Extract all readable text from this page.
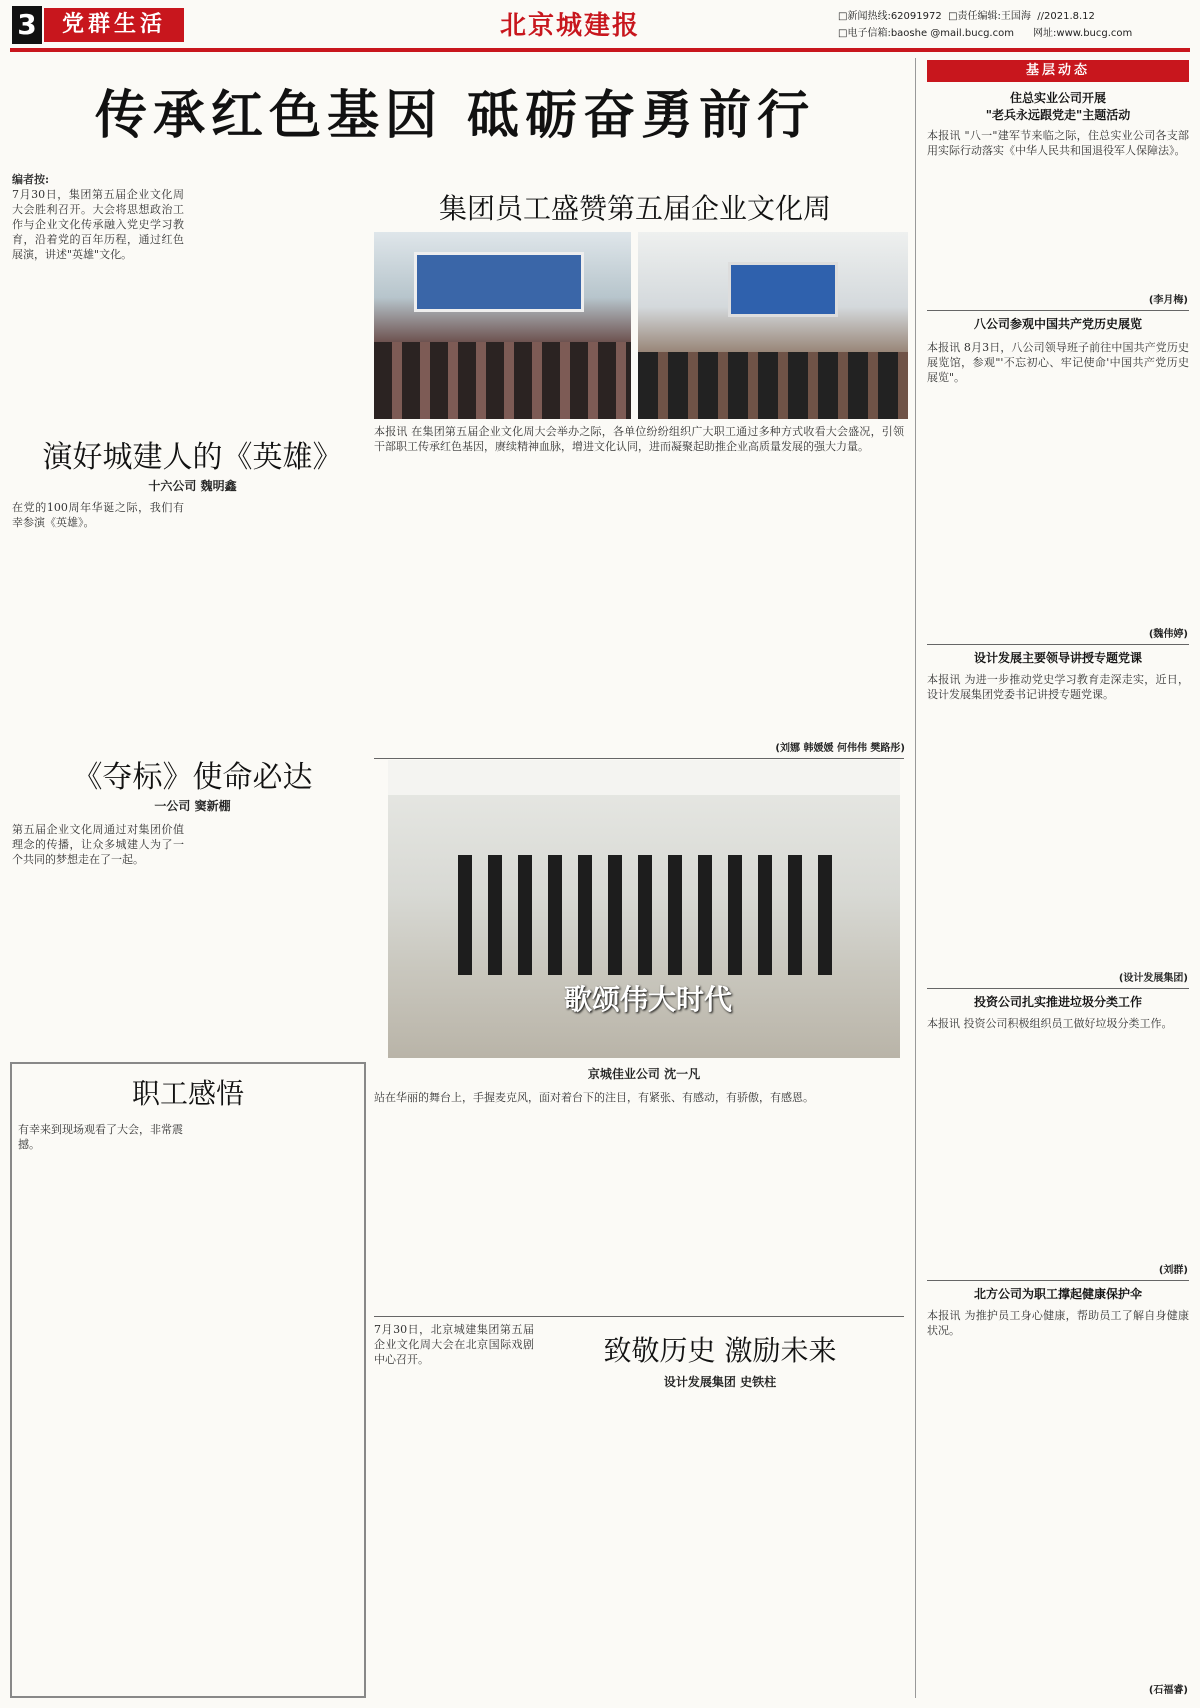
3	党群生活	北京城建报	□新闻热线:62091972 □责任编辑:王国海 //2021.8.12
□电子信箱:baoshe @mail.bucg.com 网址:www.bucg.com
传承红色基因 砥砺奋勇前行
编者按:
7月30日，集团第五届企业文化周大会胜利召开。大会将思想政治工作与企业文化传承融入党史学习教育，沿着党的百年历程，通过红色展演，讲述"英雄"文化。
集团员工盛赞第五届企业文化周
本报讯 在集团第五届企业文化周大会举办之际，各单位纷纷组织广大职工通过多种方式收看大会盛况，引领干部职工传承红色基因，赓续精神血脉，增进文化认同，进而凝聚起助推企业高质量发展的强大力量。
(刘娜 韩媛媛 何伟伟 樊路彤)
演好城建人的《英雄》
十六公司 魏明鑫
在党的100周年华诞之际，我们有幸参演《英雄》。
《夺标》使命必达
一公司 窦新棚
第五届企业文化周通过对集团价值理念的传播，让众多城建人为了一个共同的梦想走在了一起。
职工感悟
有幸来到现场观看了大会，非常震撼。
歌颂伟大时代
京城佳业公司 沈一凡
站在华丽的舞台上，手握麦克风，面对着台下的注目，有紧张、有感动，有骄傲，有感恩。
7月30日，北京城建集团第五届企业文化周大会在北京国际戏剧中心召开。	致敬历史 激励未来
设计发展集团 史铁柱
基层动态
住总实业公司开展
"老兵永远跟党走"主题活动
本报讯 "八一"建军节来临之际，住总实业公司各支部用实际行动落实《中华人民共和国退役军人保障法》。
(李月梅)
八公司参观中国共产党历史展览
本报讯 8月3日，八公司领导班子前往中国共产党历史展览馆，参观"'不忘初心、牢记使命'中国共产党历史展览"。
(魏伟婷)
设计发展主要领导讲授专题党课
本报讯 为进一步推动党史学习教育走深走实，近日，设计发展集团党委书记讲授专题党课。
(设计发展集团)
投资公司扎实推进垃圾分类工作
本报讯 投资公司积极组织员工做好垃圾分类工作。
(刘群)
北方公司为职工撑起健康保护伞
本报讯 为推护员工身心健康，帮助员工了解自身健康状况。
(石福睿)
